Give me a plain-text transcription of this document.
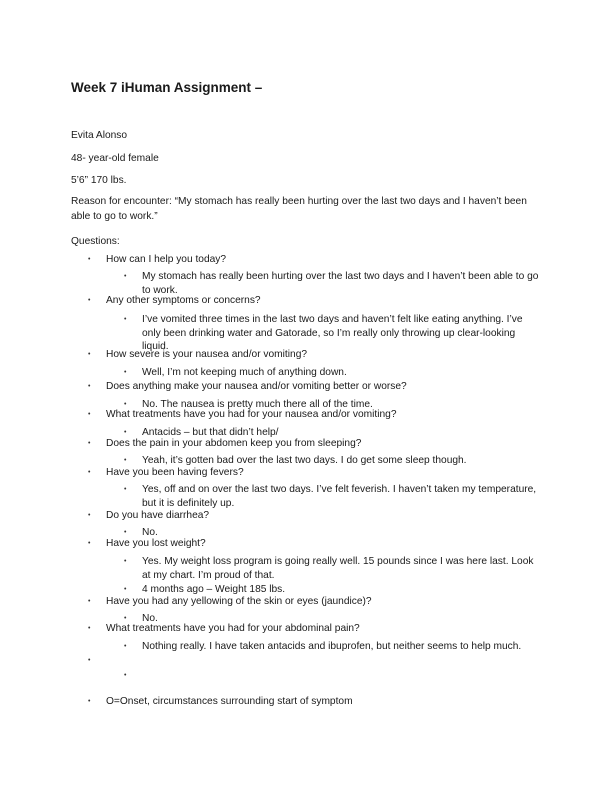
Week 7 iHuman Assignment –
Evita Alonso
48- year-old female
5’6” 170 lbs.
Reason for encounter: “My stomach has really been hurting over the last two days and I haven’t been able to go to work.”
Questions:
• How can I help you today?
• My stomach has really been hurting over the last two days and I haven’t been able to go to work.
• Any other symptoms or concerns?
• I’ve vomited three times in the last two days and haven’t felt like eating anything. I’ve only been drinking water and Gatorade, so I’m really only throwing up clear-looking liquid.
• How severe is your nausea and/or vomiting?
• Well, I’m not keeping much of anything down.
• Does anything make your nausea and/or vomiting better or worse?
• No. The nausea is pretty much there all of the time.
• What treatments have you had for your nausea and/or vomiting?
• Antacids – but that didn’t help/
• Does the pain in your abdomen keep you from sleeping?
• Yeah, it’s gotten bad over the last two days. I do get some sleep though.
• Have you been having fevers?
• Yes, off and on over the last two days. I’ve felt feverish. I haven’t taken my temperature, but it is definitely up.
• Do you have diarrhea?
• No.
• Have you lost weight?
• Yes. My weight loss program is going really well. 15 pounds since I was here last. Look at my chart. I’m proud of that.
• 4 months ago – Weight 185 lbs.
• Have you had any yellowing of the skin or eyes (jaundice)?
• No.
• What treatments have you had for your abdominal pain?
• Nothing really. I have taken antacids and ibuprofen, but neither seems to help much.
•
•
• O=Onset, circumstances surrounding start of symptom
